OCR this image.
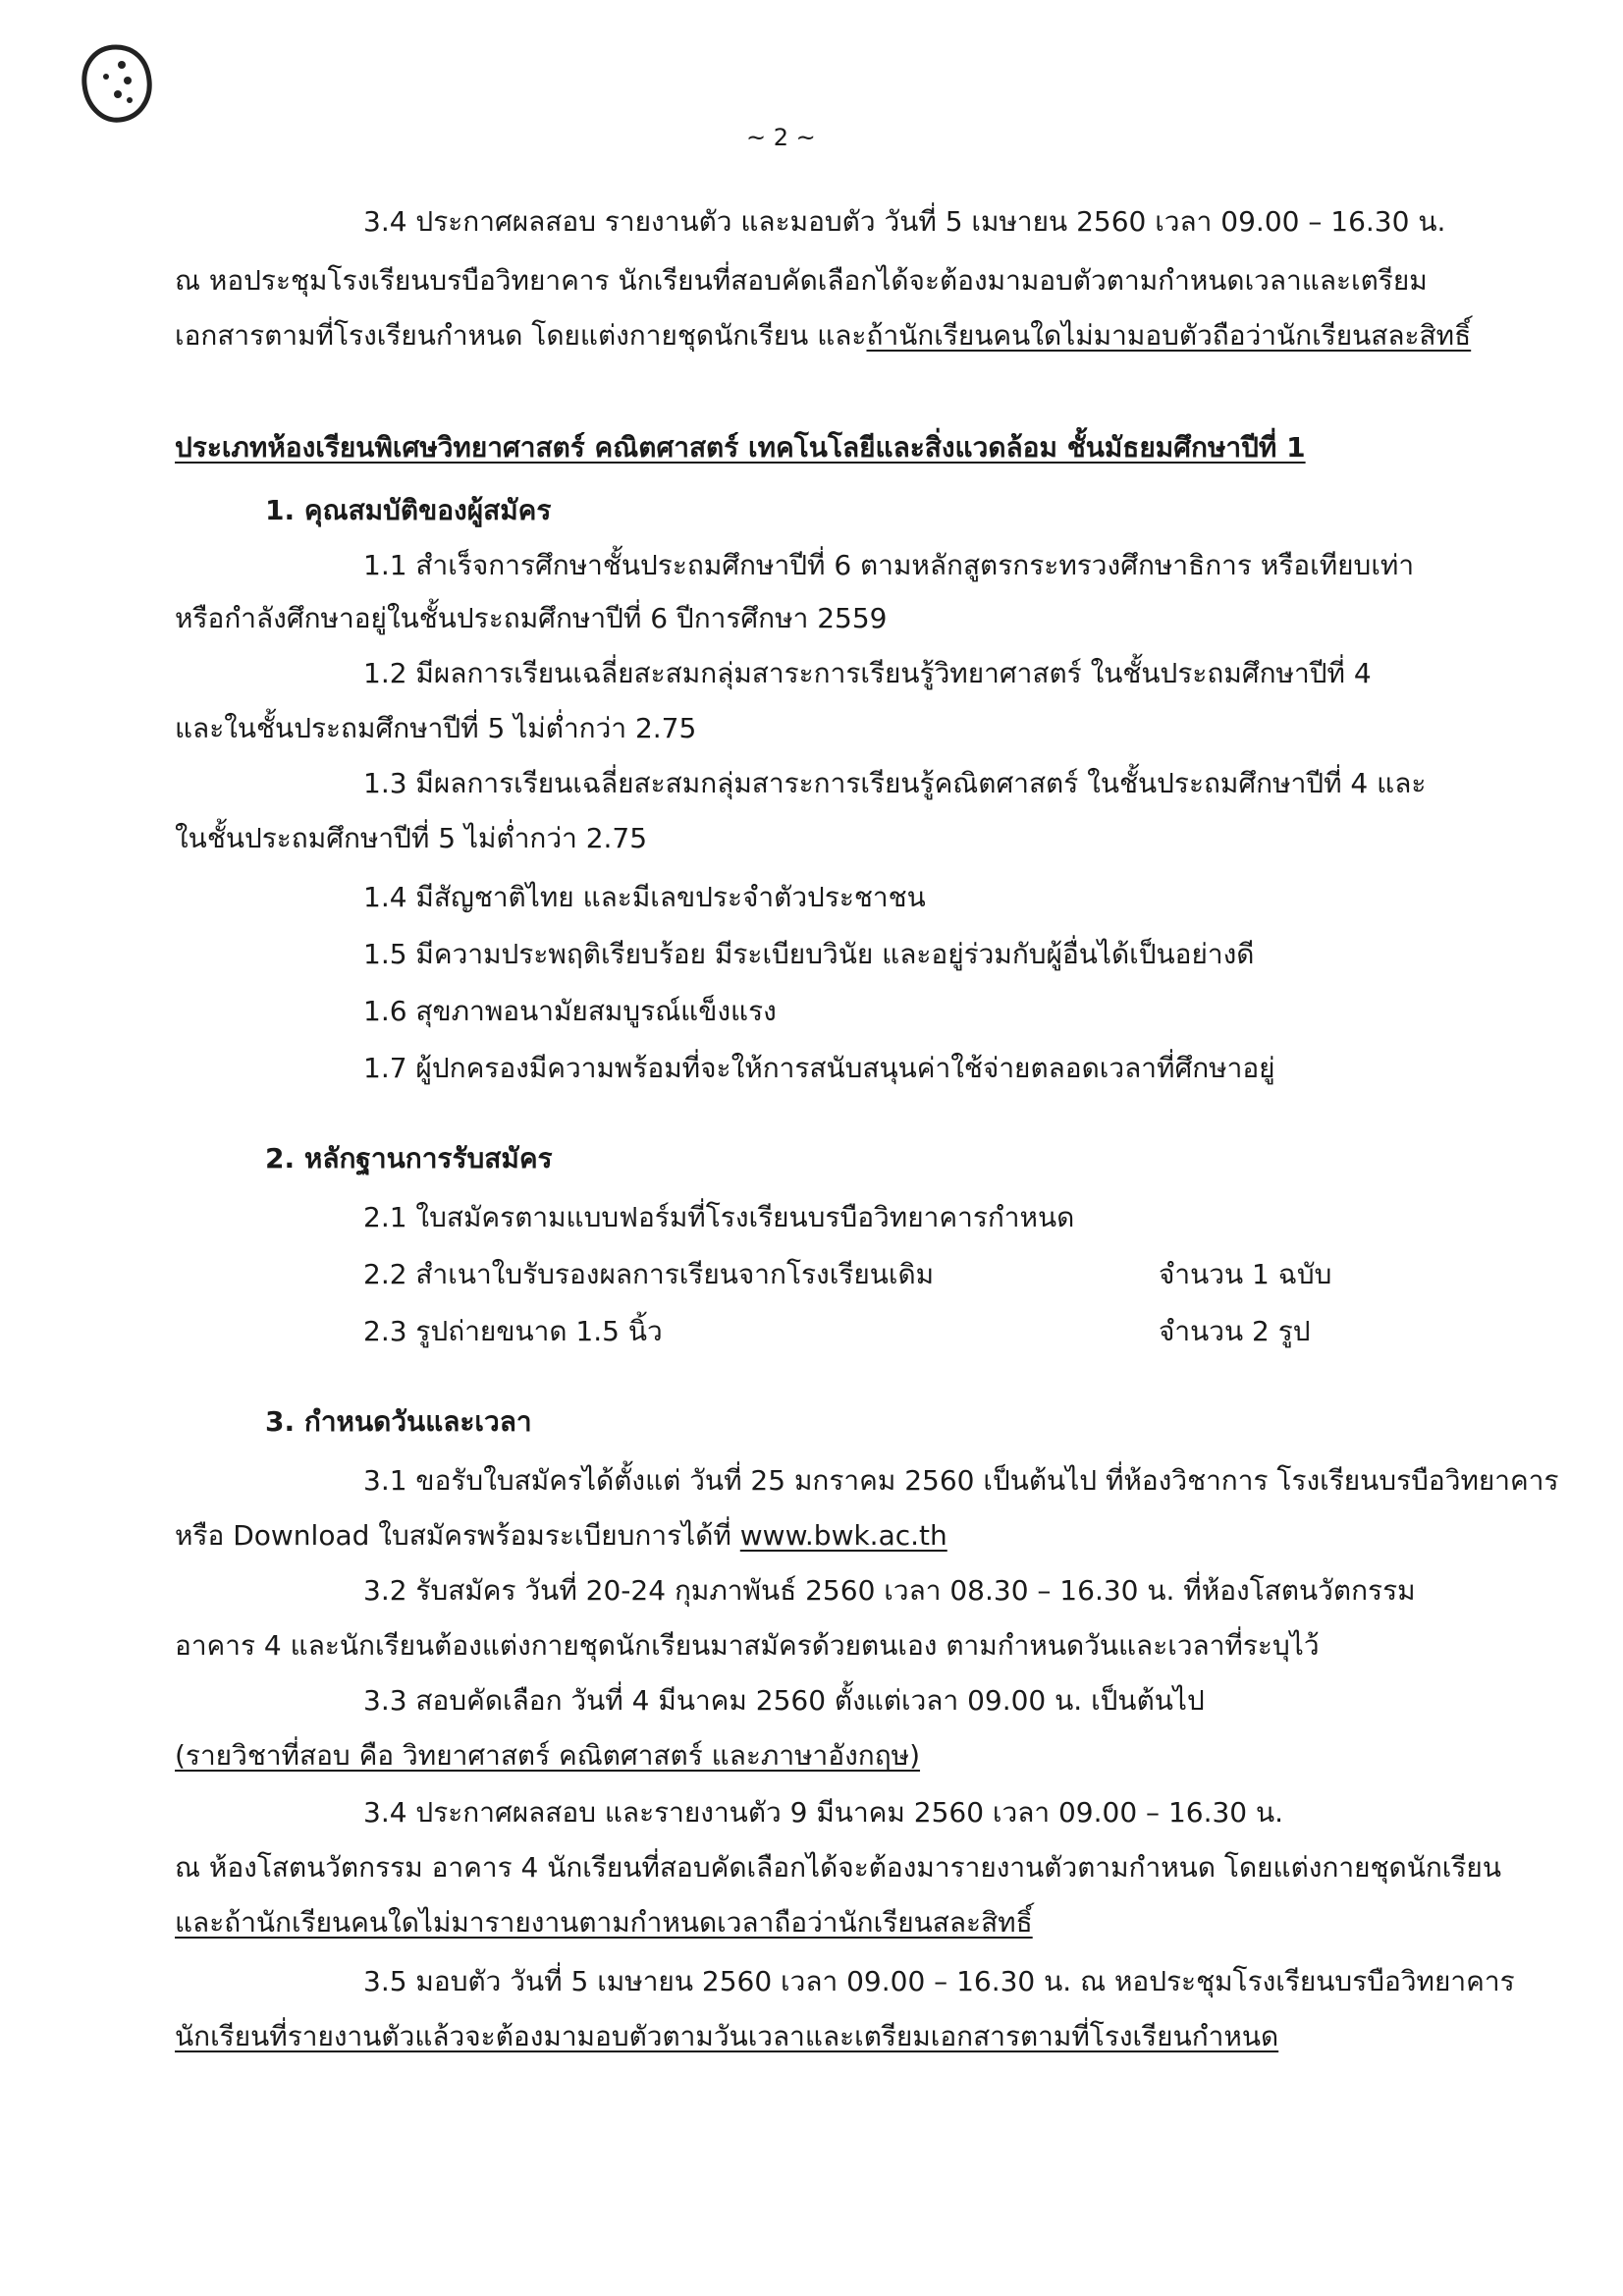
~ 2 ~
3.4 ประกาศผลสอบ รายงานตัว และมอบตัว วันที่ 5 เมษายน 2560 เวลา 09.00 – 16.30 น.
ณ หอประชุมโรงเรียนบรบือวิทยาคาร นักเรียนที่สอบคัดเลือกได้จะต้องมามอบตัวตามกำหนดเวลาและเตรียม
เอกสารตามที่โรงเรียนกำหนด โดยแต่งกายชุดนักเรียน และถ้านักเรียนคนใดไม่มามอบตัวถือว่านักเรียนสละสิทธิ์
ประเภทห้องเรียนพิเศษวิทยาศาสตร์ คณิตศาสตร์ เทคโนโลยีและสิ่งแวดล้อม ชั้นมัธยมศึกษาปีที่ 1
1. คุณสมบัติของผู้สมัคร
1.1 สำเร็จการศึกษาชั้นประถมศึกษาปีที่ 6 ตามหลักสูตรกระทรวงศึกษาธิการ หรือเทียบเท่า
หรือกำลังศึกษาอยู่ในชั้นประถมศึกษาปีที่ 6 ปีการศึกษา 2559
1.2 มีผลการเรียนเฉลี่ยสะสมกลุ่มสาระการเรียนรู้วิทยาศาสตร์ ในชั้นประถมศึกษาปีที่ 4
และในชั้นประถมศึกษาปีที่ 5 ไม่ต่ำกว่า 2.75
1.3 มีผลการเรียนเฉลี่ยสะสมกลุ่มสาระการเรียนรู้คณิตศาสตร์ ในชั้นประถมศึกษาปีที่ 4 และ
ในชั้นประถมศึกษาปีที่ 5 ไม่ต่ำกว่า 2.75
1.4 มีสัญชาติไทย และมีเลขประจำตัวประชาชน
1.5 มีความประพฤติเรียบร้อย มีระเบียบวินัย และอยู่ร่วมกับผู้อื่นได้เป็นอย่างดี
1.6 สุขภาพอนามัยสมบูรณ์แข็งแรง
1.7 ผู้ปกครองมีความพร้อมที่จะให้การสนับสนุนค่าใช้จ่ายตลอดเวลาที่ศึกษาอยู่
2. หลักฐานการรับสมัคร
2.1 ใบสมัครตามแบบฟอร์มที่โรงเรียนบรบือวิทยาคารกำหนด
2.2 สำเนาใบรับรองผลการเรียนจากโรงเรียนเดิม	จำนวน 1 ฉบับ
2.3 รูปถ่ายขนาด 1.5 นิ้ว	จำนวน 2 รูป
3. กำหนดวันและเวลา
3.1 ขอรับใบสมัครได้ตั้งแต่ วันที่ 25 มกราคม 2560 เป็นต้นไป ที่ห้องวิชาการ โรงเรียนบรบือวิทยาคาร
หรือ Download ใบสมัครพร้อมระเบียบการได้ที่ www.bwk.ac.th
3.2 รับสมัคร วันที่ 20-24 กุมภาพันธ์ 2560 เวลา 08.30 – 16.30 น. ที่ห้องโสตนวัตกรรม
อาคาร 4 และนักเรียนต้องแต่งกายชุดนักเรียนมาสมัครด้วยตนเอง ตามกำหนดวันและเวลาที่ระบุไว้
3.3 สอบคัดเลือก วันที่ 4 มีนาคม 2560 ตั้งแต่เวลา 09.00 น. เป็นต้นไป
(รายวิชาที่สอบ คือ วิทยาศาสตร์ คณิตศาสตร์ และภาษาอังกฤษ)
3.4 ประกาศผลสอบ และรายงานตัว 9 มีนาคม 2560 เวลา 09.00 – 16.30 น.
ณ ห้องโสตนวัตกรรม อาคาร 4 นักเรียนที่สอบคัดเลือกได้จะต้องมารายงานตัวตามกำหนด โดยแต่งกายชุดนักเรียน
และถ้านักเรียนคนใดไม่มารายงานตามกำหนดเวลาถือว่านักเรียนสละสิทธิ์
3.5 มอบตัว วันที่ 5 เมษายน 2560 เวลา 09.00 – 16.30 น. ณ หอประชุมโรงเรียนบรบือวิทยาคาร
นักเรียนที่รายงานตัวแล้วจะต้องมามอบตัวตามวันเวลาและเตรียมเอกสารตามที่โรงเรียนกำหนด
